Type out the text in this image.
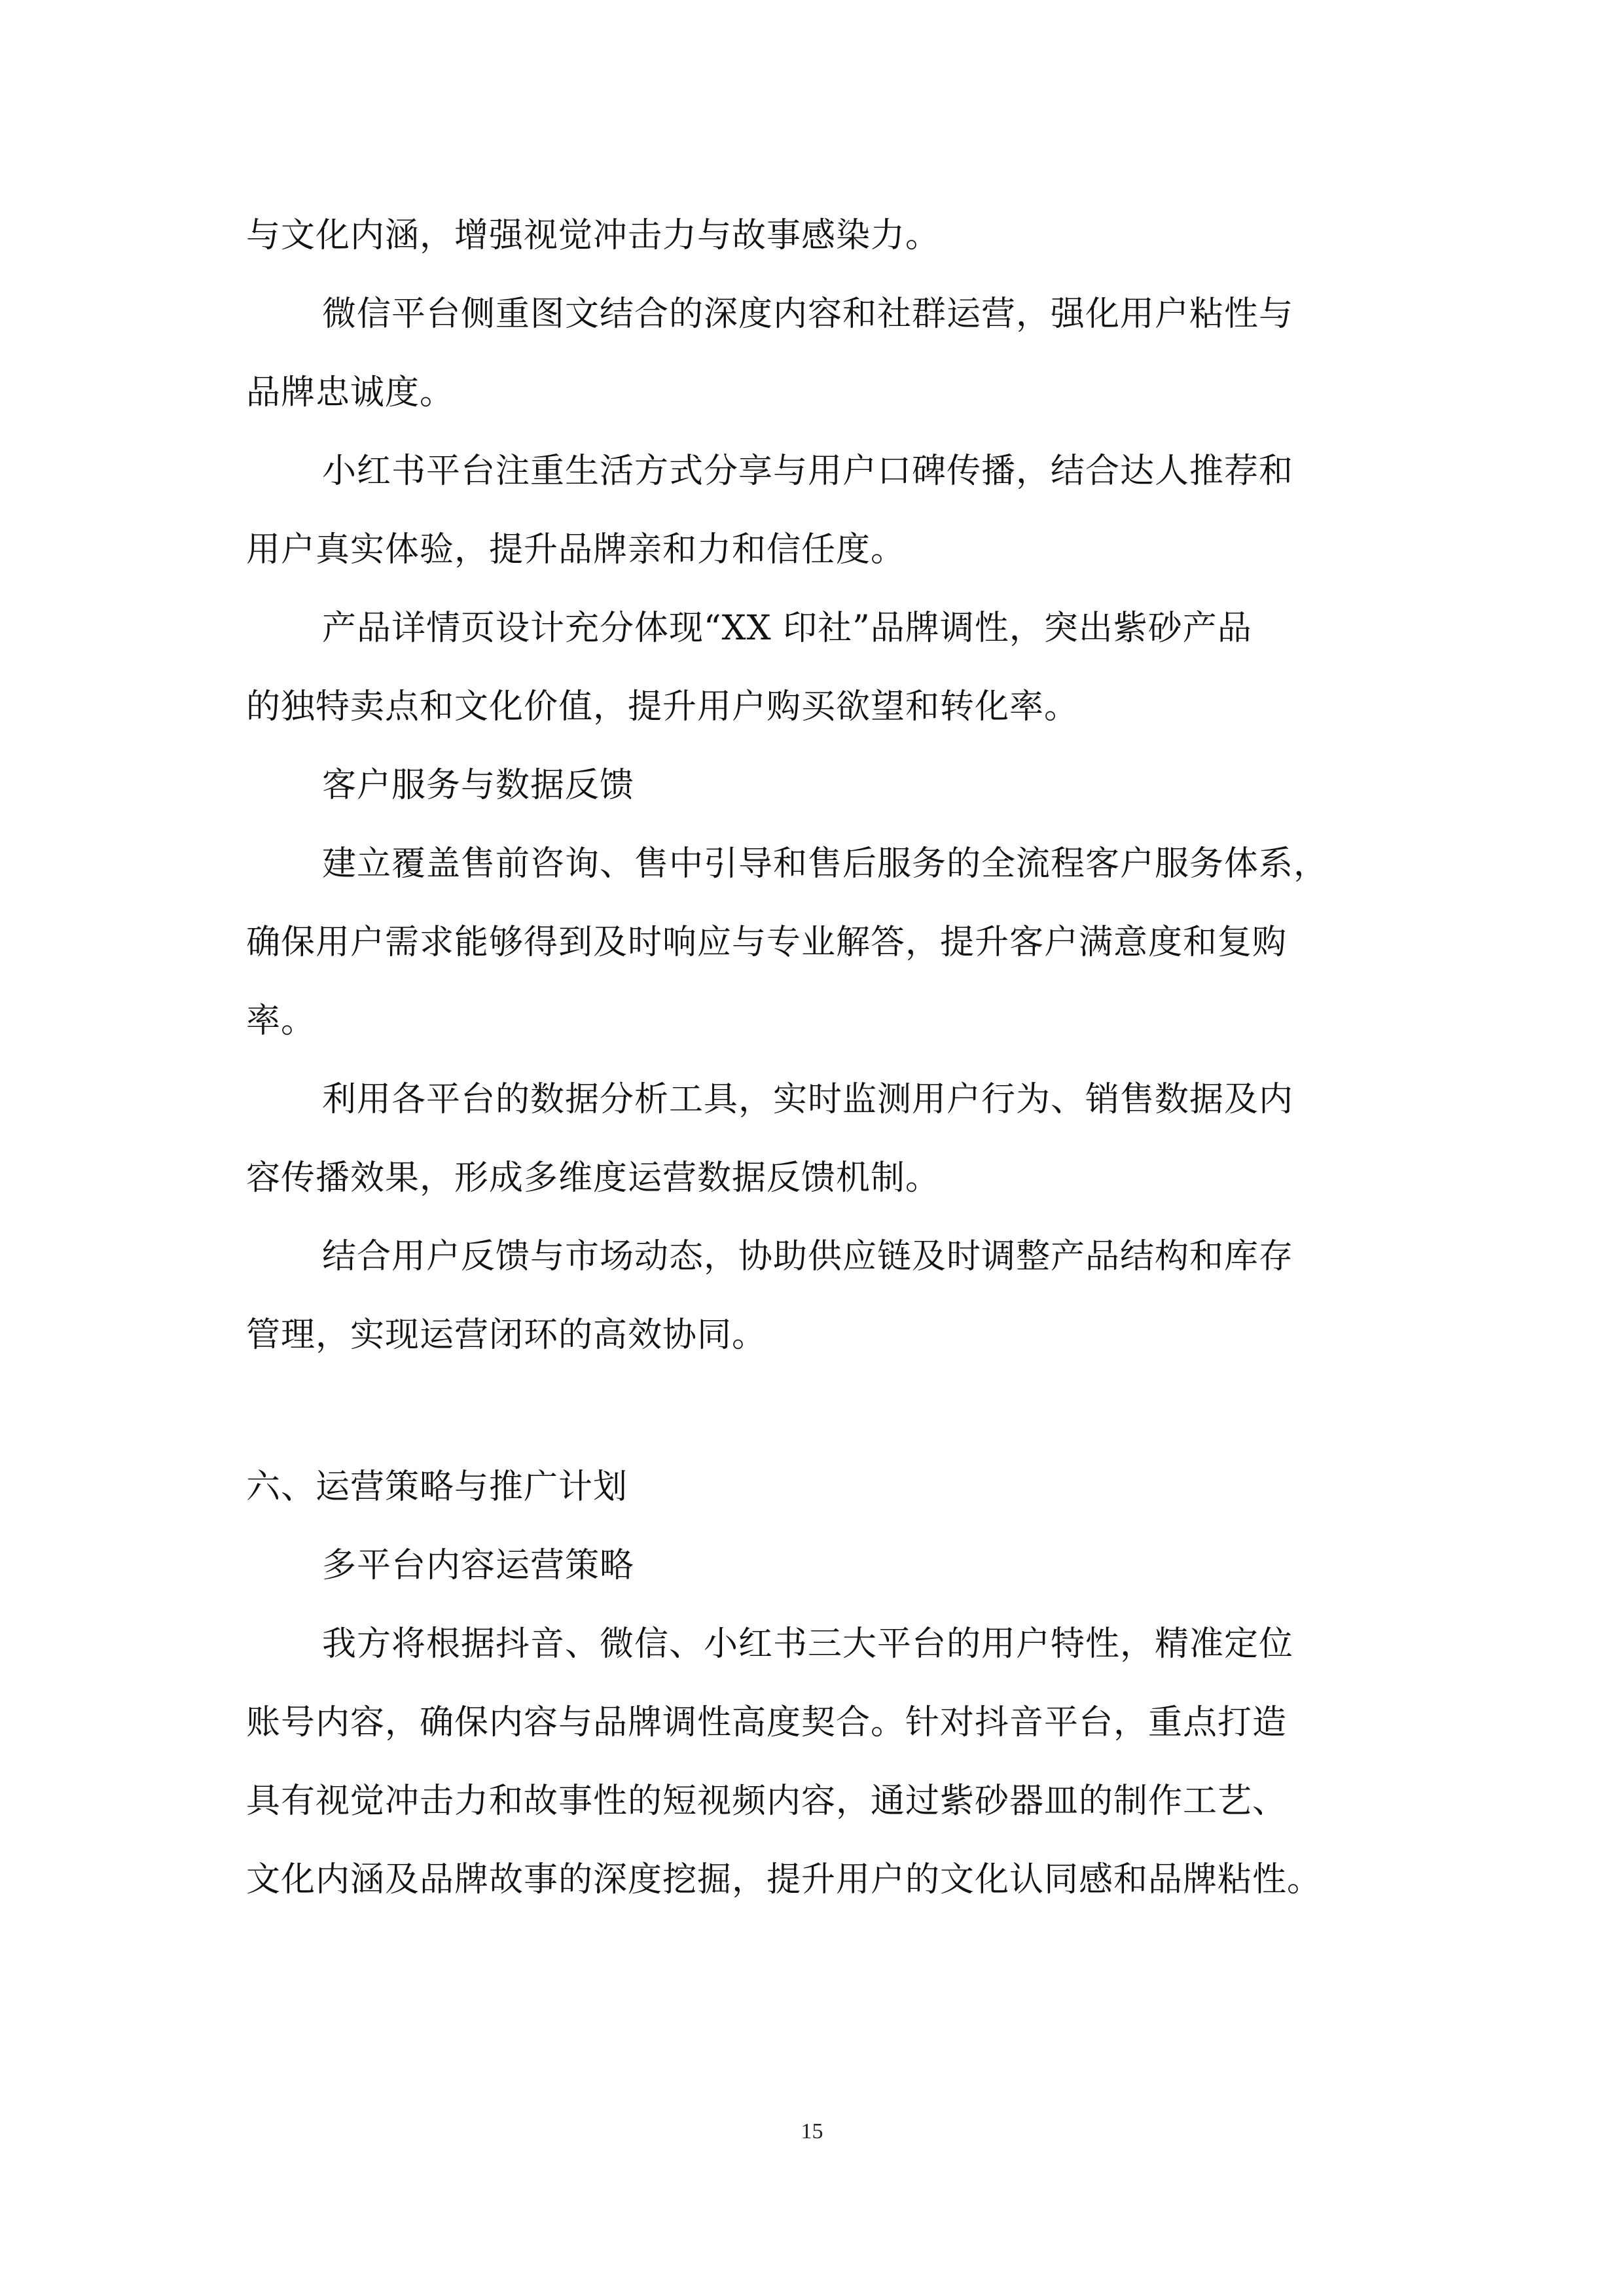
与文化内涵，增强视觉冲击力与故事感染力。
微信平台侧重图文结合的深度内容和社群运营，强化用户粘性与
品牌忠诚度。
小红书平台注重生活方式分享与用户口碑传播，结合达人推荐和
用户真实体验，提升品牌亲和力和信任度。
产品详情页设计充分体现“XX 印社”品牌调性，突出紫砂产品
的独特卖点和文化价值，提升用户购买欲望和转化率。
客户服务与数据反馈
建立覆盖售前咨询、售中引导和售后服务的全流程客户服务体系，
确保用户需求能够得到及时响应与专业解答，提升客户满意度和复购
率。
利用各平台的数据分析工具，实时监测用户行为、销售数据及内
容传播效果，形成多维度运营数据反馈机制。
结合用户反馈与市场动态，协助供应链及时调整产品结构和库存
管理，实现运营闭环的高效协同。
六、运营策略与推广计划
多平台内容运营策略
我方将根据抖音、微信、小红书三大平台的用户特性，精准定位
账号内容，确保内容与品牌调性高度契合。针对抖音平台，重点打造
具有视觉冲击力和故事性的短视频内容，通过紫砂器皿的制作工艺、
文化内涵及品牌故事的深度挖掘，提升用户的文化认同感和品牌粘性。
15
